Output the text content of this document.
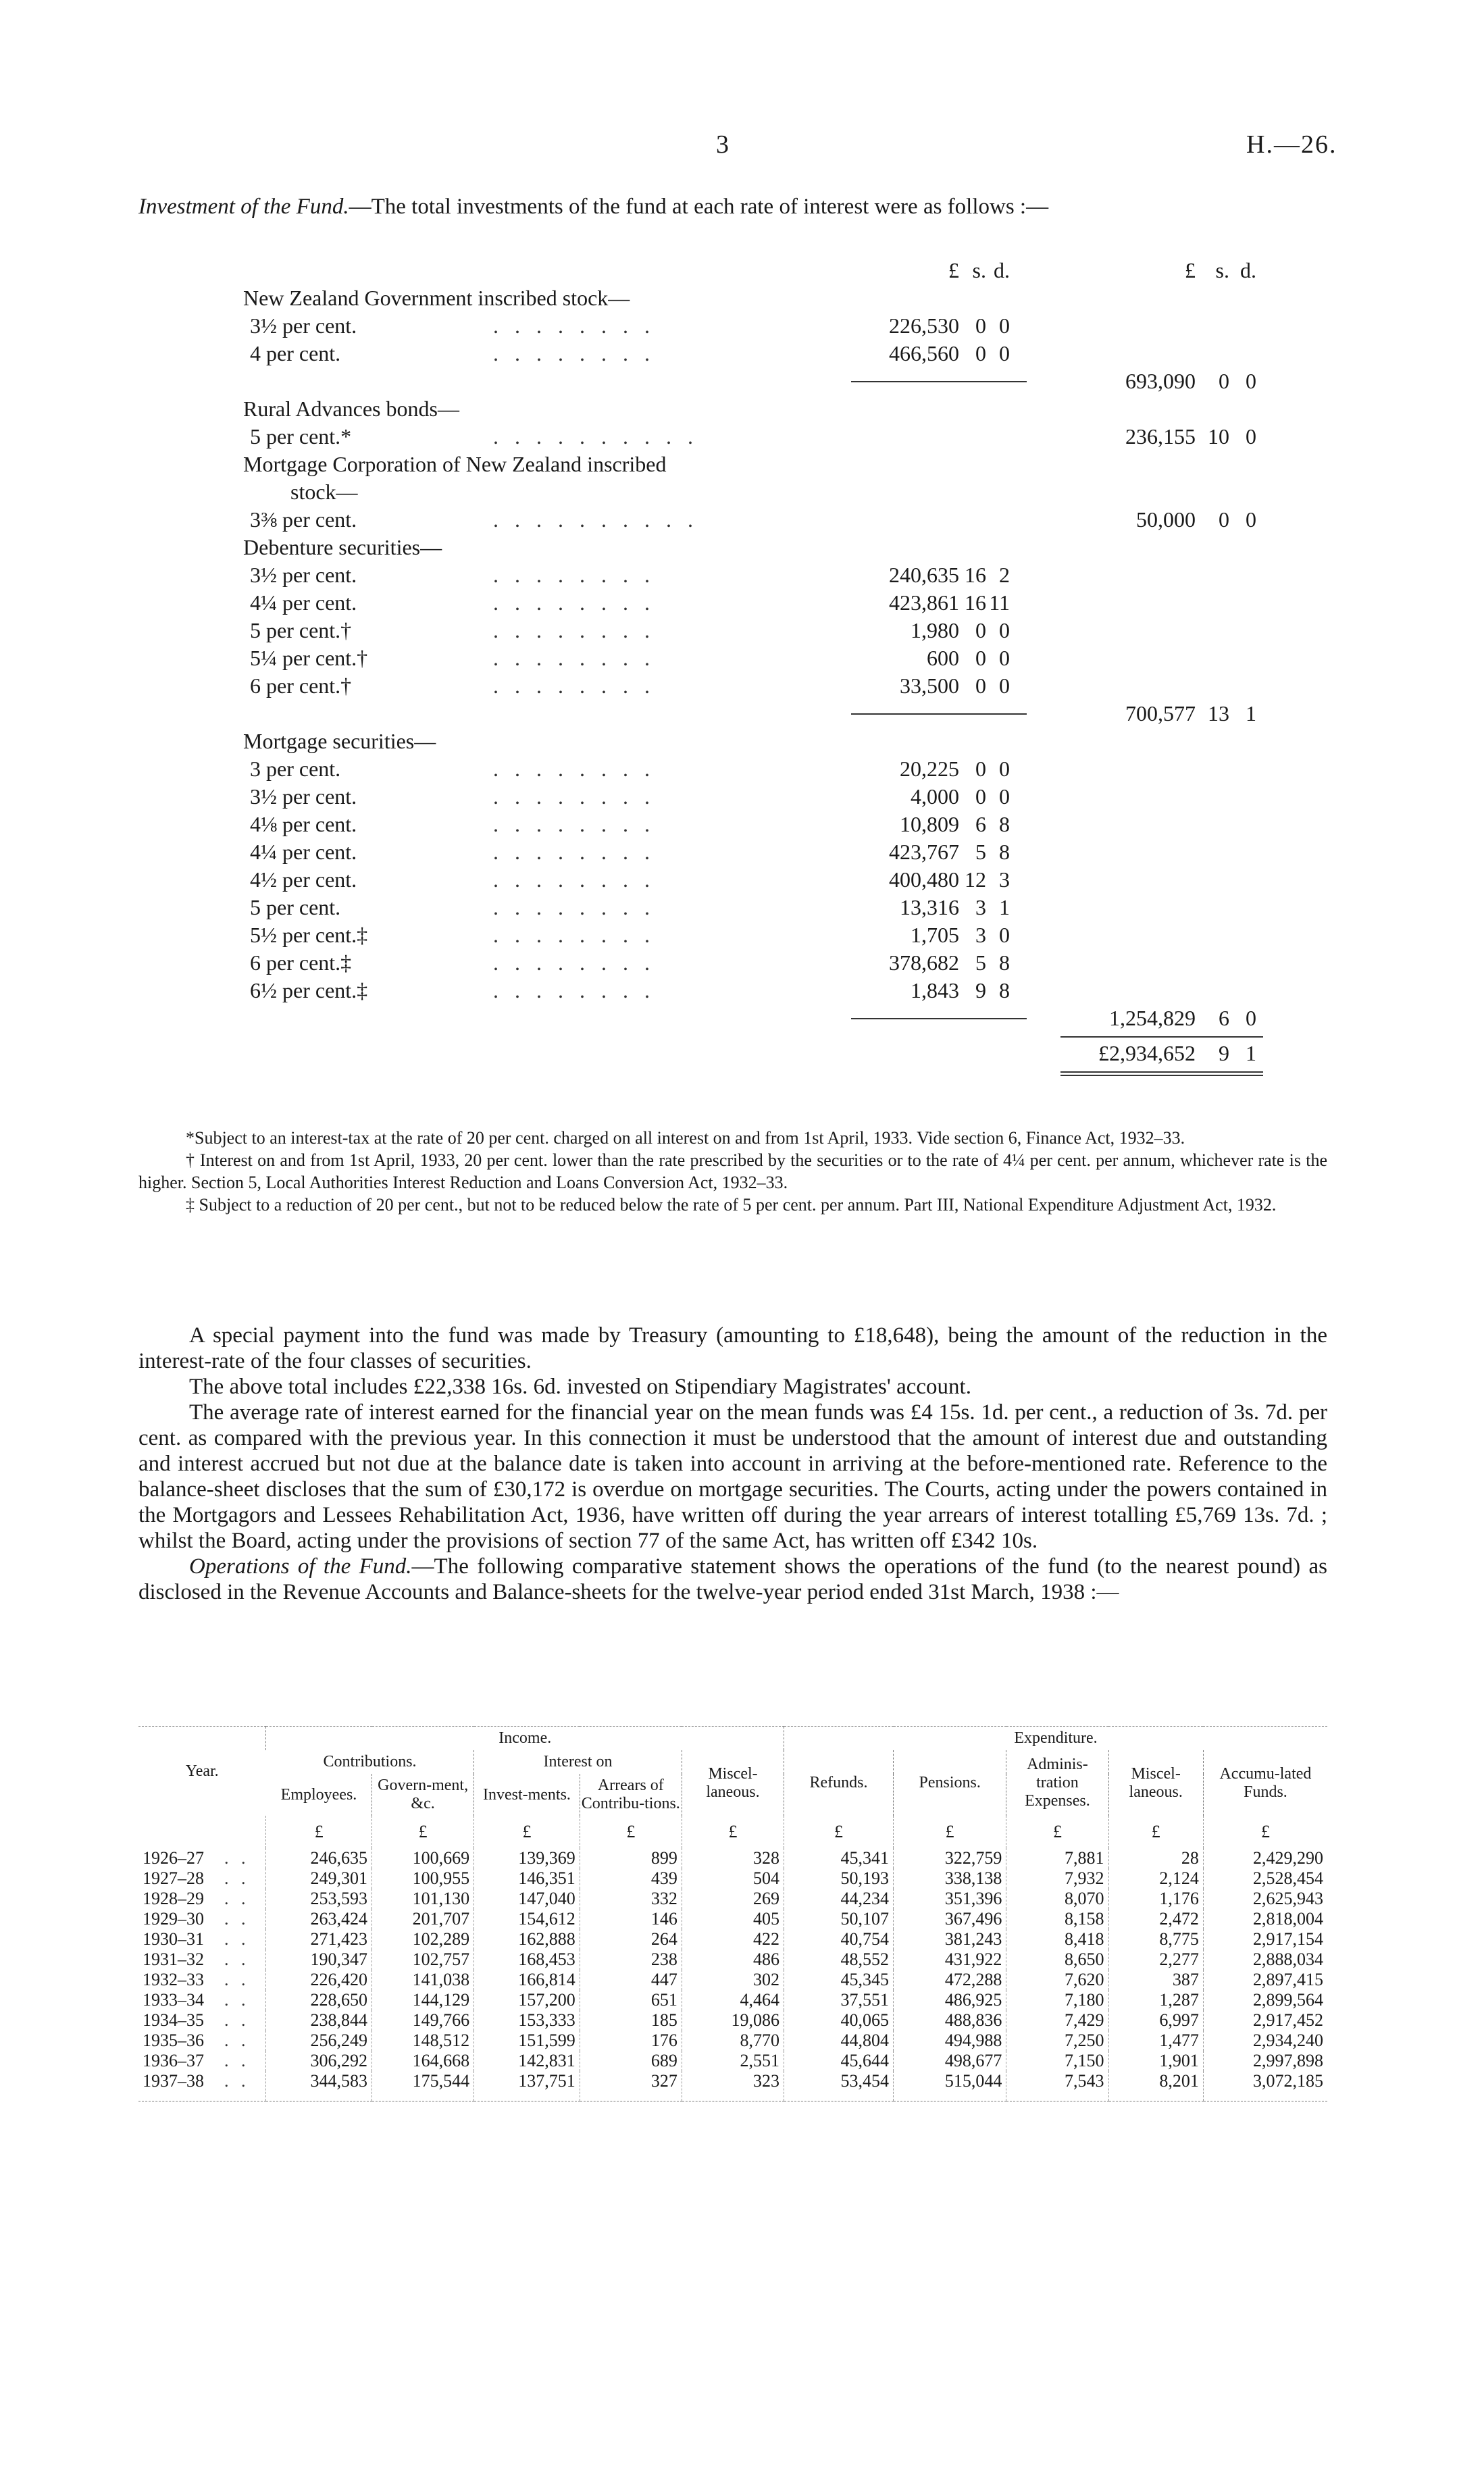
3	H.—26.
Investment of the Fund.—The total investments of the fund at each rate of interest were as follows :—
£ s. d.	£ s. d.
New Zealand Government inscribed stock—
3½ per cent.	. . . . . . . .	226,530 0 0
4 per cent.	. . . . . . . .	466,560 0 0
693,090	0 0
Rural Advances bonds—
5 per cent.*	. . . . . . . . . .	236,155 10 0
Mortgage Corporation of New Zealand inscribed
stock—
3⅜ per cent.	. . . . . . . . . .	50,000	0 0
Debenture securities—
3½ per cent.	. . . . . . . .	240,635 16 2
4¼ per cent.	. . . . . . . .	423,861 16 11
5 per cent.†	. . . . . . . .	1,980 0 0
5¼ per cent.†	. . . . . . . .	600 0 0
6 per cent.†	. . . . . . . .	33,500 0 0
700,577 13 1
Mortgage securities—
3 per cent.	. . . . . . . .	20,225 0 0
3½ per cent.	. . . . . . . .	4,000 0 0
4⅛ per cent.	. . . . . . . .	10,809 6 8
4¼ per cent.	. . . . . . . .	423,767 5 8
4½ per cent.	. . . . . . . .	400,480 12 3
5 per cent.	. . . . . . . .	13,316 3 1
5½ per cent.‡	. . . . . . . .	1,705 3 0
6 per cent.‡	. . . . . . . .	378,682 5 8
6½ per cent.‡	. . . . . . . .	1,843 9 8
1,254,829	6 0
£2,934,652	9 1

*Subject to an interest-tax at the rate of 20 per cent. charged on all interest on and from 1st April, 1933. Vide section 6, Finance Act, 1932–33.

† Interest on and from 1st April, 1933, 20 per cent. lower than the rate prescribed by the securities or to the rate of 4¼ per cent. per annum, whichever rate is the higher. Section 5, Local Authorities Interest Reduction and Loans Conversion Act, 1932–33.

‡ Subject to a reduction of 20 per cent., but not to be reduced below the rate of 5 per cent. per annum. Part III, National Expenditure Adjustment Act, 1932.

A special payment into the fund was made by Treasury (amounting to £18,648), being the amount of the reduction in the interest-rate of the four classes of securities.

The above total includes £22,338 16s. 6d. invested on Stipendiary Magistrates' account.

The average rate of interest earned for the financial year on the mean funds was £4 15s. 1d. per cent., a reduction of 3s. 7d. per cent. as compared with the previous year. In this connection it must be understood that the amount of interest due and outstanding and interest accrued but not due at the balance date is taken into account in arriving at the before-mentioned rate. Reference to the balance-sheet discloses that the sum of £30,172 is overdue on mortgage securities. The Courts, acting under the powers contained in the Mortgagors and Lessees Rehabilitation Act, 1936, have written off during the year arrears of interest totalling £5,769 13s. 7d. ; whilst the Board, acting under the provisions of section 77 of the same Act, has written off £342 10s.

Operations of the Fund.—The following comparative statement shows the operations of the fund (to the nearest pound) as disclosed in the Revenue Accounts and Balance-sheets for the twelve-year period ended 31st March, 1938 :—

Year.	Income.					Expenditure.				
	Contributions.		Interest on		Miscel-laneous.	Refunds.	Pensions.	Adminis-tration Expenses.	Miscel-laneous.	Accumu-lated Funds.
	Employees.	Govern-ment, &c.	Invest-ments.	Arrears of Contribu-tions.						
	£	£	£	£	£	£	£	£	£	£
1926–27 . .	246,635	100,669	139,369	899	328	45,341	322,759	7,881	28	2,429,290
1927–28 . .	249,301	100,955	146,351	439	504	50,193	338,138	7,932	2,124	2,528,454
1928–29 . .	253,593	101,130	147,040	332	269	44,234	351,396	8,070	1,176	2,625,943
1929–30 . .	263,424	201,707	154,612	146	405	50,107	367,496	8,158	2,472	2,818,004
1930–31 . .	271,423	102,289	162,888	264	422	40,754	381,243	8,418	8,775	2,917,154
1931–32 . .	190,347	102,757	168,453	238	486	48,552	431,922	8,650	2,277	2,888,034
1932–33 . .	226,420	141,038	166,814	447	302	45,345	472,288	7,620	387	2,897,415
1933–34 . .	228,650	144,129	157,200	651	4,464	37,551	486,925	7,180	1,287	2,899,564
1934–35 . .	238,844	149,766	153,333	185	19,086	40,065	488,836	7,429	6,997	2,917,452
1935–36 . .	256,249	148,512	151,599	176	8,770	44,804	494,988	7,250	1,477	2,934,240
1936–37 . .	306,292	164,668	142,831	689	2,551	45,644	498,677	7,150	1,901	2,997,898
1937–38 . .	344,583	175,544	137,751	327	323	53,454	515,044	7,543	8,201	3,072,185
